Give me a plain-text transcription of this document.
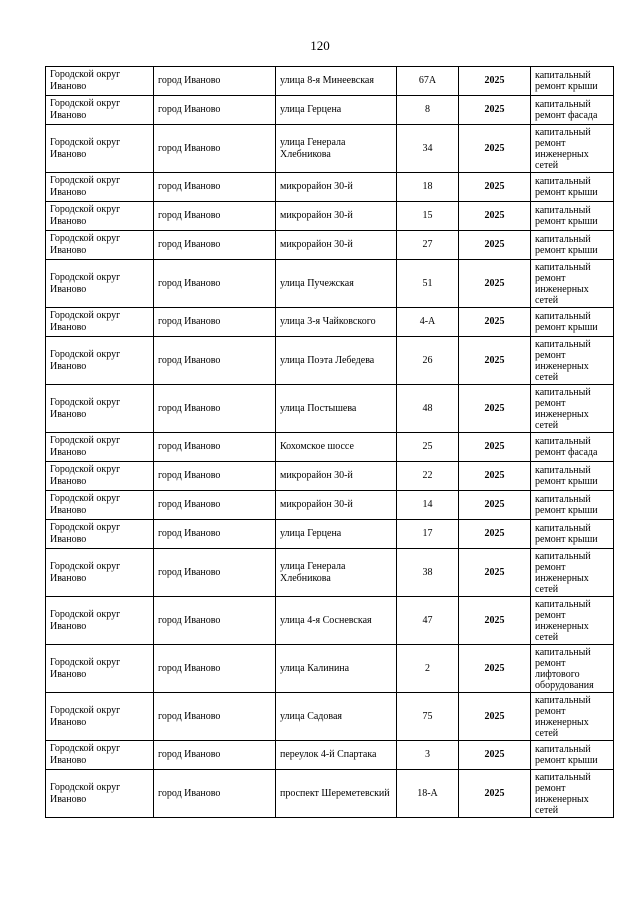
120
Городской округ Иваново	город Иваново	улица 8-я Минеевская	67А	2025	капитальный ремонт крыши
Городской округ Иваново	город Иваново	улица Герцена	8	2025	капитальный ремонт фасада
Городской округ Иваново	город Иваново	улица Генерала Хлебникова	34	2025	капитальный ремонт инженерных сетей
Городской округ Иваново	город Иваново	микрорайон 30-й	18	2025	капитальный ремонт крыши
Городской округ Иваново	город Иваново	микрорайон 30-й	15	2025	капитальный ремонт крыши
Городской округ Иваново	город Иваново	микрорайон 30-й	27	2025	капитальный ремонт крыши
Городской округ Иваново	город Иваново	улица Пучежская	51	2025	капитальный ремонт инженерных сетей
Городской округ Иваново	город Иваново	улица 3-я Чайковского	4-А	2025	капитальный ремонт крыши
Городской округ Иваново	город Иваново	улица Поэта Лебедева	26	2025	капитальный ремонт инженерных сетей
Городской округ Иваново	город Иваново	улица Постышева	48	2025	капитальный ремонт инженерных сетей
Городской округ Иваново	город Иваново	Кохомское шоссе	25	2025	капитальный ремонт фасада
Городской округ Иваново	город Иваново	микрорайон 30-й	22	2025	капитальный ремонт крыши
Городской округ Иваново	город Иваново	микрорайон 30-й	14	2025	капитальный ремонт крыши
Городской округ Иваново	город Иваново	улица Герцена	17	2025	капитальный ремонт крыши
Городской округ Иваново	город Иваново	улица Генерала Хлебникова	38	2025	капитальный ремонт инженерных сетей
Городской округ Иваново	город Иваново	улица 4-я Сосневская	47	2025	капитальный ремонт инженерных сетей
Городской округ Иваново	город Иваново	улица Калинина	2	2025	капитальный ремонт лифтового оборудования
Городской округ Иваново	город Иваново	улица Садовая	75	2025	капитальный ремонт инженерных сетей
Городской округ Иваново	город Иваново	переулок 4-й Спартака	3	2025	капитальный ремонт крыши
Городской округ Иваново	город Иваново	проспект Шереметевский	18-А	2025	капитальный ремонт инженерных сетей
